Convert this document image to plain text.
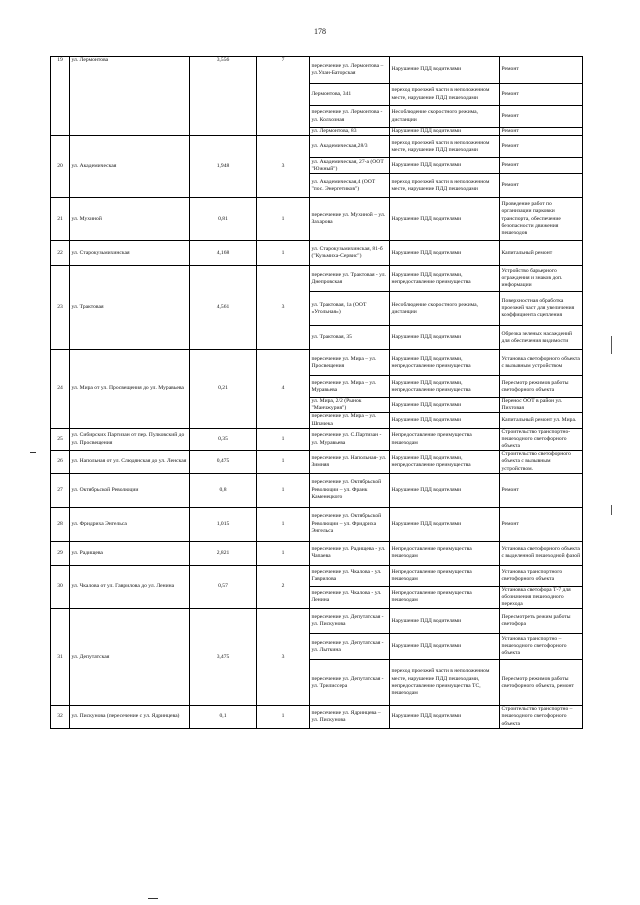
178
19	ул. Лермонтова	3,556	7	пересечение ул. Лермонтова – ул.Улан-Баторская	Нарушение ПДД водителями	Ремонт
				Лермонтова, 341	переход проезжей части в неположенном месте, нарушение ПДД пешеходами	Ремонт
				пересечение ул. Лермонтова - ул. Колхозная	Несоблюдение скоростного режима, дистанции	Ремонт
				ул. Лермонтова, 83	Нарушение ПДД водителями	Ремонт
20	ул. Академическая	1,948	3	ул. Академическая,28/3	переход проезжей части в неположенном месте, нарушение ПДД пешеходами	Ремонт
				ул. Академическая, 27-а (ООТ "Южный")	Нарушение ПДД водителями	Ремонт
				ул. Академическая,4 (ООТ "пос. Энергетиков")	переход проезжей части в неположенном месте, нарушение ПДД пешеходами	Ремонт
21	ул. Мухиной	0,81	1	пересечение ул. Мухиной – ул. Захарова	Нарушение ПДД водителями	Проведение работ по организации парковки транспорта, обеспечение безопасности движения пешеходов
22	ул. Старокузьмихинская	4,168	1	ул. Старокузьмихинская, 81-б ("Кузьмиха-Сервис")	Нарушение ПДД водителями	Капитальный ремонт
23	ул. Трактовая	4,561	3	пересечение ул. Трактовая - ул. Днепровская	Нарушение ПДД водителями, непредоставление преимущества	Устройство барьерного ограждения и знаков доп. информации
				ул. Трактовая, 1а (ООТ «Угольная»)	Несоблюдение скоростного режима, дистанции	Поверхностная обработка проезжей част для увеличения коэффициента сцепления
				ул. Трактовая, 35	Нарушение ПДД водителями	Обрезка зеленых насаждений для обеспечения видимости
24	ул. Мира от ул. Просвещения до ул. Муравьева	0,21	4	пересечение ул. Мира – ул. Просвещения	Нарушение ПДД водителями, непредоставление преимущества	Установка светофорного объекта с вызывным устройством
				пересечение ул. Мира – ул. Муравьева	Нарушение ПДД водителями, непредоставление преимущества	Пересмотр режимов работы светофорного объекта
				ул. Мира, 2/2 (Рынок "Манчжурия")	Нарушение ПДД водителями	Перенос ООТ в район ул. Пихтовая
				пересечение ул. Мира – ул. Шпачека	Нарушение ПДД водителями	Капитальный ремонт ул. Мира.
25	ул. Сибирских Партизан от пер. Пулковский до ул. Просвещения	0,35	1	пересечение ул. С.Партизан - ул. Муравьева	Непредоставление преимущества пешеходам	Строительство транспортно-пешеходного светофорного объекта
26	ул. Напольная от ул. Слюдянская до ул. Ленская	0,475	1	пересечение ул. Напольная- ул. Зимняя	Нарушение ПДД водителями, непредоставление преимущества	Строительство светофорного объекта с вызывным устройством.
27	ул. Октябрьской Революции	0,8	1	пересечение ул. Октябрьской Революции – ул. Франк Каменецкого	Нарушение ПДД водителями	Ремонт
28	ул. Фридриха Энгельса	1,015	1	пересечение ул. Октябрьской Революции – ул. Фридриха Энгельса	Нарушение ПДД водителями	Ремонт
29	ул. Радищева	2,821	1	пересечение ул. Радищева - ул. Чапаева	Непредоставление преимущества пешеходам	Установка светофорного объекта с выделенной пешеходной фазой
30	ул. Чкалова от ул. Гаврилова до ул. Ленина	0,57	2	пересечение ул. Чкалова - ул. Гаврилова	Непредоставление преимущества пешеходам	Установка транспортного светофорного объекта
				пересечение ул. Чкалова - ул. Ленина	Непредоставление преимущества пешеходам	Установка светофора Т-7 для обозначения пешеходного перехода
31	ул. Депутатская	3,475	3	пересечение ул. Депутатская - ул. Пискунова	Нарушение ПДД водителями	Пересмотреть режим работы светофора
				пересечение ул. Депутатская - ул. Лыткина	Нарушение ПДД водителями	Установка транспортно – пешеходного светофорного объекта
				пересечение ул. Депутатская - ул. Трилиссера	переход проезжей части в неположенном месте, нарушение ПДД пешеходами, непредоставление преимущества ТС, пешеходам	Пересмотр режимов работы светофорного объекта, ремонт
32	ул. Пискунова (пересечение с ул. Ядринцева)	0,1	1	пересечение ул. Ядринцева – ул. Пискунова	Нарушение ПДД водителями	Строительство транспортно – пешеходного светофорного объекта
